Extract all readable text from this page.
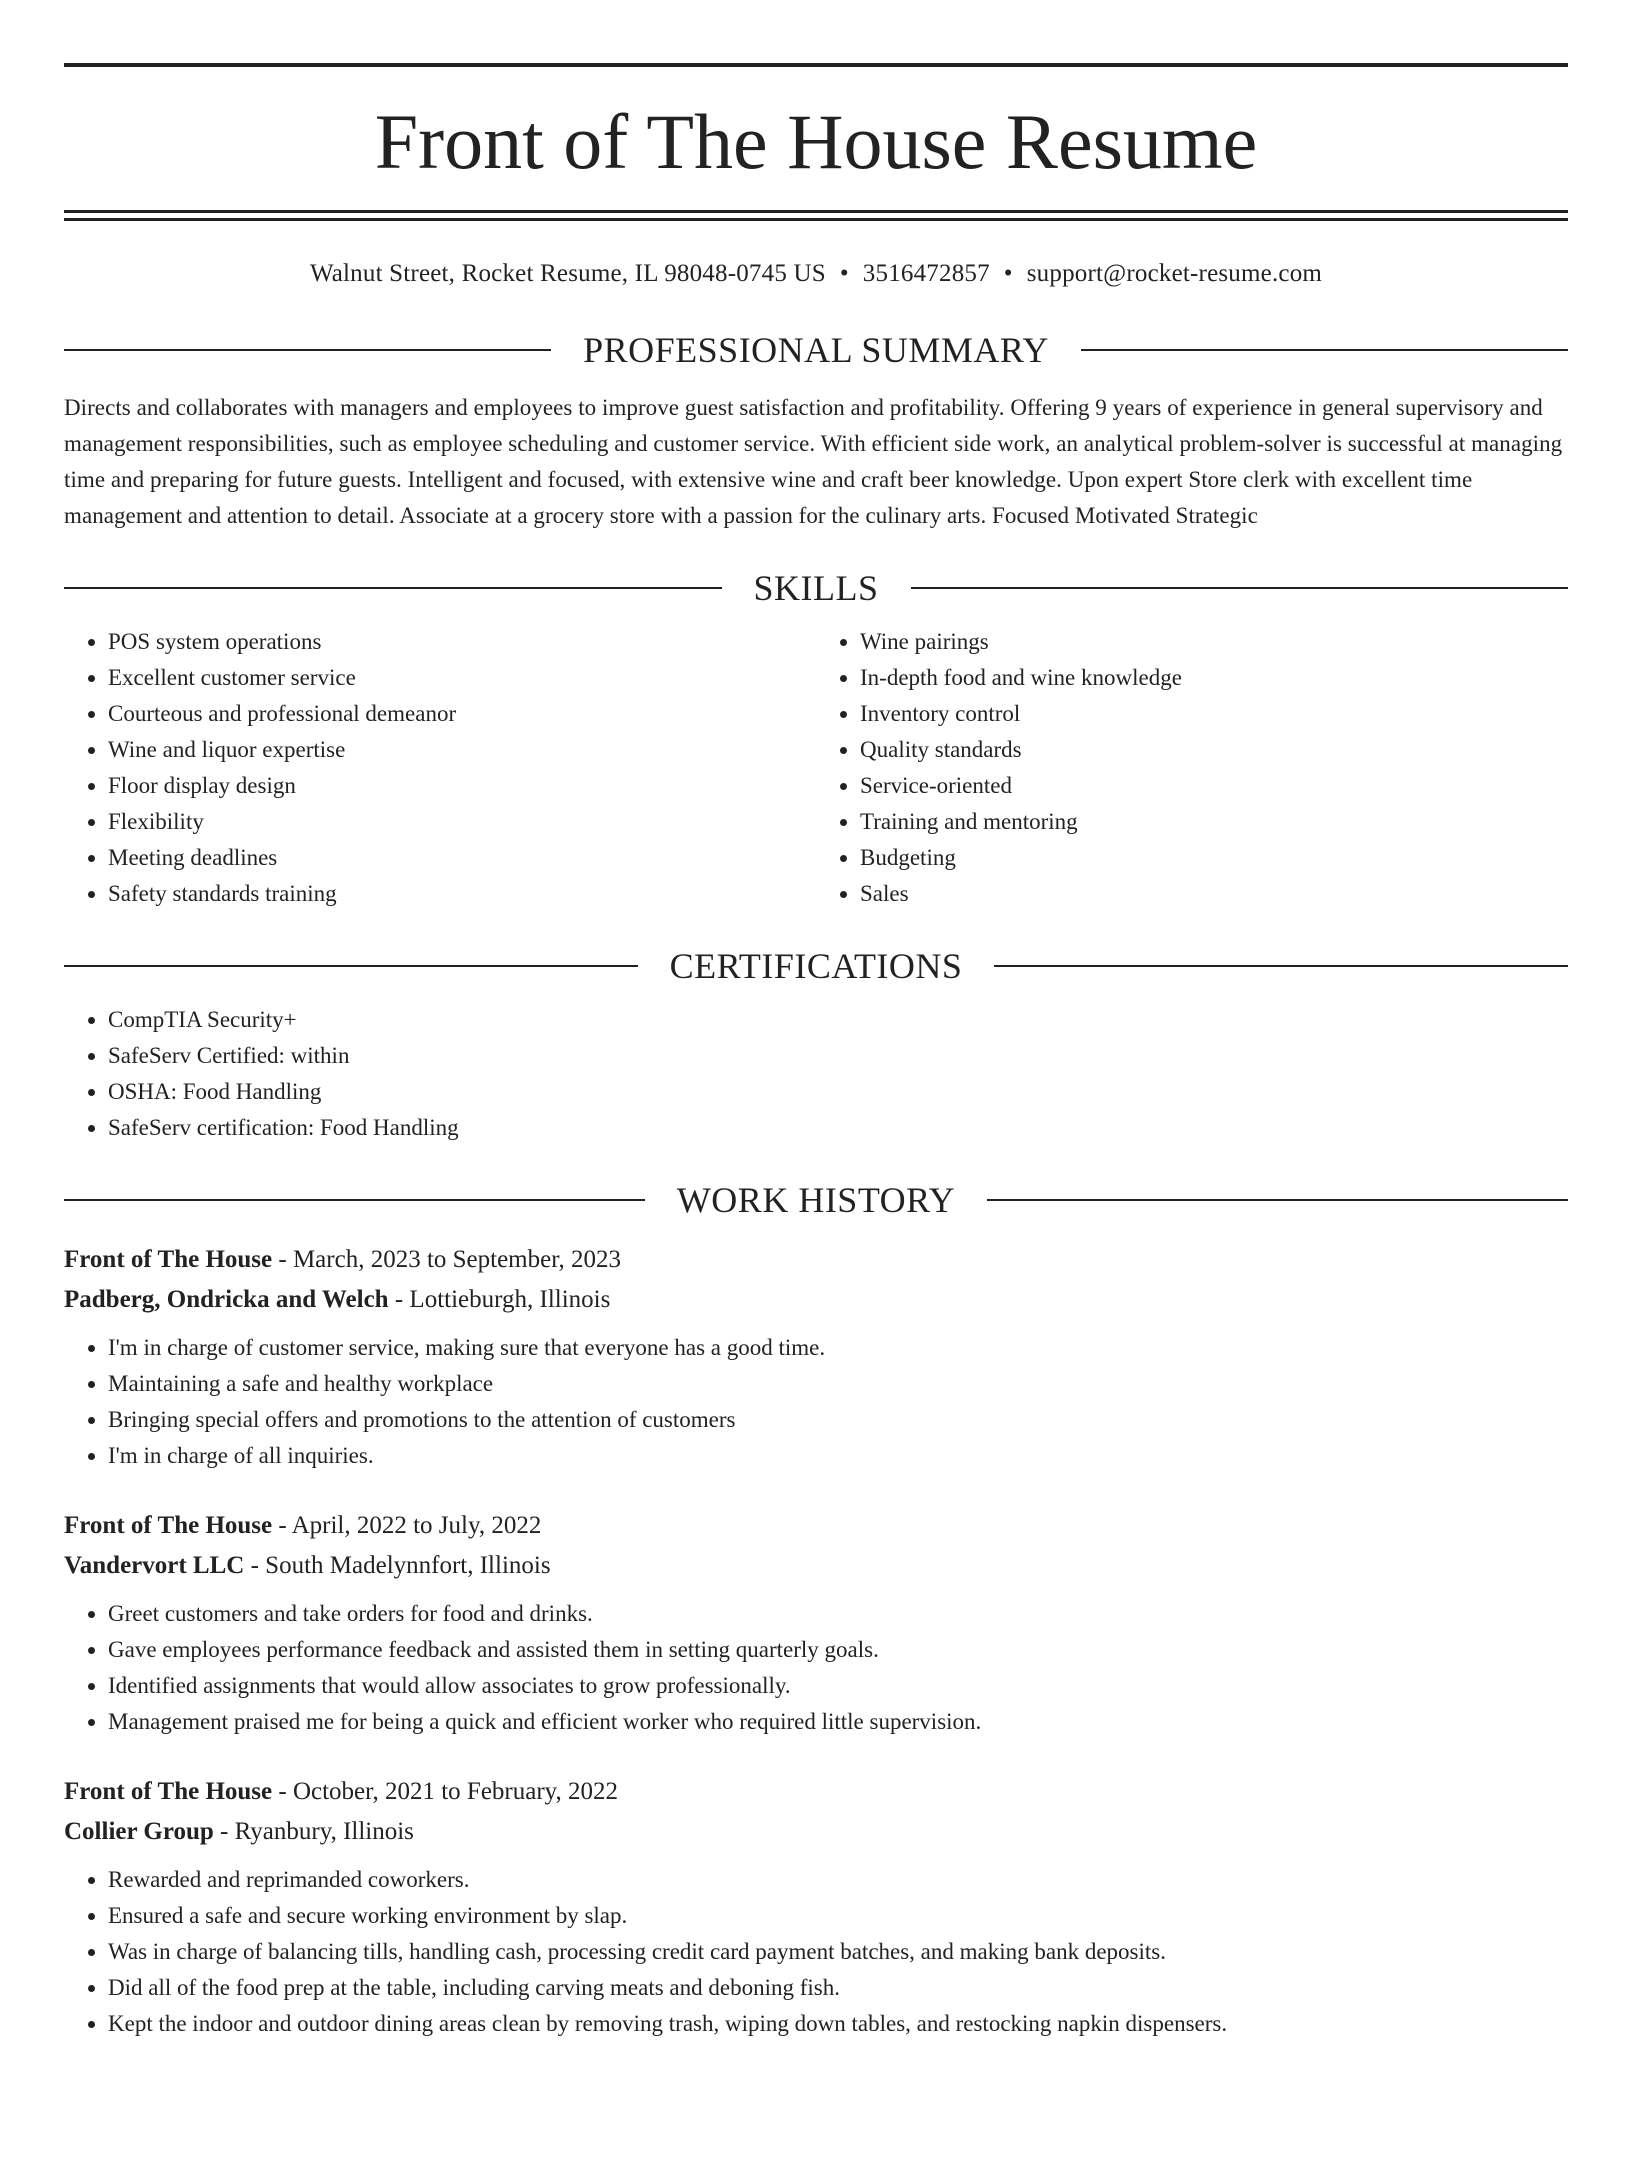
Front of The House Resume
Walnut Street, Rocket Resume, IL 98048-0745 US • 3516472857 • support@rocket-resume.com
PROFESSIONAL SUMMARY

Directs and collaborates with managers and employees to improve guest satisfaction and profitability. Offering 9 years of experience in general supervisory and management responsibilities, such as employee scheduling and customer service. With efficient side work, an analytical problem-solver is successful at managing time and preparing for future guests. Intelligent and focused, with extensive wine and craft beer knowledge. Upon expert Store clerk with excellent time management and attention to detail. Associate at a grocery store with a passion for the culinary arts. Focused Motivated Strategic

SKILLS
• POS system operations
• Excellent customer service
• Courteous and professional demeanor
• Wine and liquor expertise
• Floor display design
• Flexibility
• Meeting deadlines
• Safety standards training
• Wine pairings
• In-depth food and wine knowledge
• Inventory control
• Quality standards
• Service-oriented
• Training and mentoring
• Budgeting
• Sales
CERTIFICATIONS
• CompTIA Security+
• SafeServ Certified: within
• OSHA: Food Handling
• SafeServ certification: Food Handling
WORK HISTORY
Front of The House - March, 2023 to September, 2023
Padberg, Ondricka and Welch - Lottieburgh, Illinois
• I'm in charge of customer service, making sure that everyone has a good time.
• Maintaining a safe and healthy workplace
• Bringing special offers and promotions to the attention of customers
• I'm in charge of all inquiries.
Front of The House - April, 2022 to July, 2022
Vandervort LLC - South Madelynnfort, Illinois
• Greet customers and take orders for food and drinks.
• Gave employees performance feedback and assisted them in setting quarterly goals.
• Identified assignments that would allow associates to grow professionally.
• Management praised me for being a quick and efficient worker who required little supervision.
Front of The House - October, 2021 to February, 2022
Collier Group - Ryanbury, Illinois
• Rewarded and reprimanded coworkers.
• Ensured a safe and secure working environment by slap.
• Was in charge of balancing tills, handling cash, processing credit card payment batches, and making bank deposits.
• Did all of the food prep at the table, including carving meats and deboning fish.
• Kept the indoor and outdoor dining areas clean by removing trash, wiping down tables, and restocking napkin dispensers.
